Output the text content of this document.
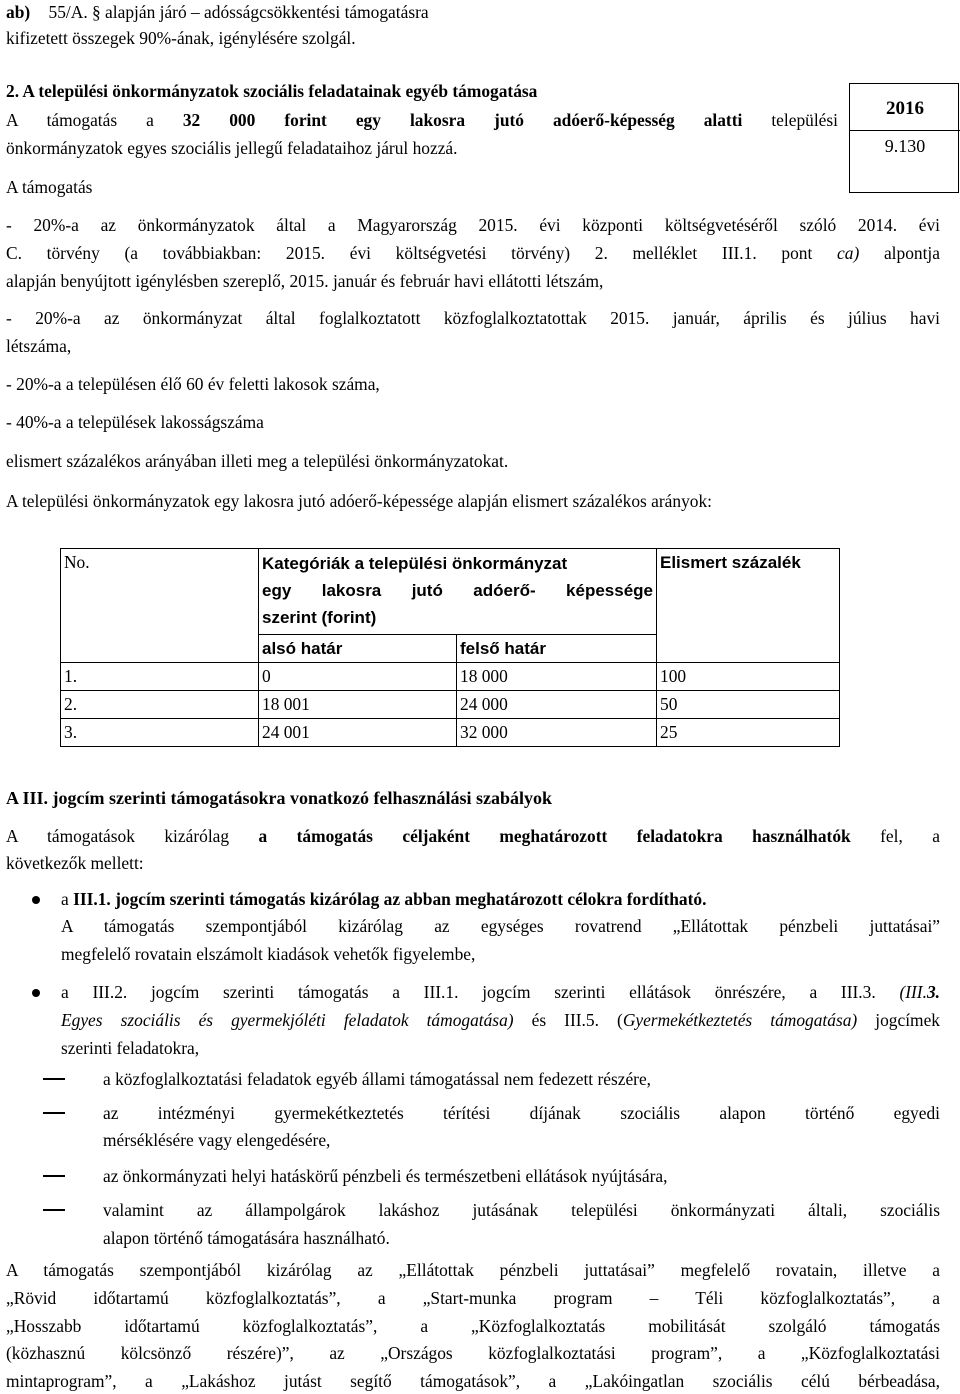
ab) 55/A. § alapján járó – adósságcsökkentési támogatásra
kifizetett összegek 90%-ának, igénylésére szolgál.
2. A települési önkormányzatok szociális feladatainak egyéb támogatása
A támogatás a 32 000 forint egy lakosra jutó adóerő-képesség alatti települési
önkormányzatok egyes szociális jellegű feladataihoz járul hozzá.
2016
9.130
A támogatás
- 20%-a az önkormányzatok által a Magyarország 2015. évi központi költségvetéséről szóló 2014. évi
C. törvény (a továbbiakban: 2015. évi költségvetési törvény) 2. melléklet III.1. pont ca) alpontja
alapján benyújtott igénylésben szereplő, 2015. január és február havi ellátotti létszám,
- 20%-a az önkormányzat által foglalkoztatott közfoglalkoztatottak 2015. január, április és július havi
létszáma,
- 20%-a a településen élő 60 év feletti lakosok száma,
- 40%-a a települések lakosságszáma
elismert százalékos arányában illeti meg a települési önkormányzatokat.
A települési önkormányzatok egy lakosra jutó adóerő-képessége alapján elismert százalékos arányok:
No.	Kategóriák a települési önkormányzat
egy lakosra jutó adóerő- képessége
szerint (forint)		Elismert százalék
	alsó határ	felső határ	
1.	0	18 000	100
2.	18 001	24 000	50
3.	24 001	32 000	25
A III. jogcím szerinti támogatásokra vonatkozó felhasználási szabályok
A támogatások kizárólag a támogatás céljaként meghatározott feladatokra használhatók fel, a
következők mellett:
a III.1. jogcím szerinti támogatás kizárólag az abban meghatározott célokra fordítható.
A támogatás szempontjából kizárólag az egységes rovatrend „Ellátottak pénzbeli juttatásai”
megfelelő rovatain elszámolt kiadások vehetők figyelembe,
a III.2. jogcím szerinti támogatás a III.1. jogcím szerinti ellátások önrészére, a III.3. (III.3.
Egyes szociális és gyermekjóléti feladatok támogatása) és III.5. (Gyermekétkeztetés támogatása) jogcímek
szerinti feladatokra,
a közfoglalkoztatási feladatok egyéb állami támogatással nem fedezett részére,
az intézményi gyermekétkeztetés térítési díjának szociális alapon történő egyedi
mérséklésére vagy elengedésére,
az önkormányzati helyi hatáskörű pénzbeli és természetbeni ellátások nyújtására,
valamint az állampolgárok lakáshoz jutásának települési önkormányzati általi, szociális
alapon történő támogatására használható.
A támogatás szempontjából kizárólag az „Ellátottak pénzbeli juttatásai” megfelelő rovatain, illetve a
„Rövid időtartamú közfoglalkoztatás”, a „Start-munka program – Téli közfoglalkoztatás”, a
„Hosszabb időtartamú közfoglalkoztatás”, a „Közfoglalkoztatás mobilitását szolgáló támogatás
(közhasznú kölcsönző részére)”, az „Országos közfoglalkoztatási program”, a „Közfoglalkoztatási
mintaprogram”, a „Lakáshoz jutást segítő támogatások”, a „Lakóingatlan szociális célú bérbeadása,
